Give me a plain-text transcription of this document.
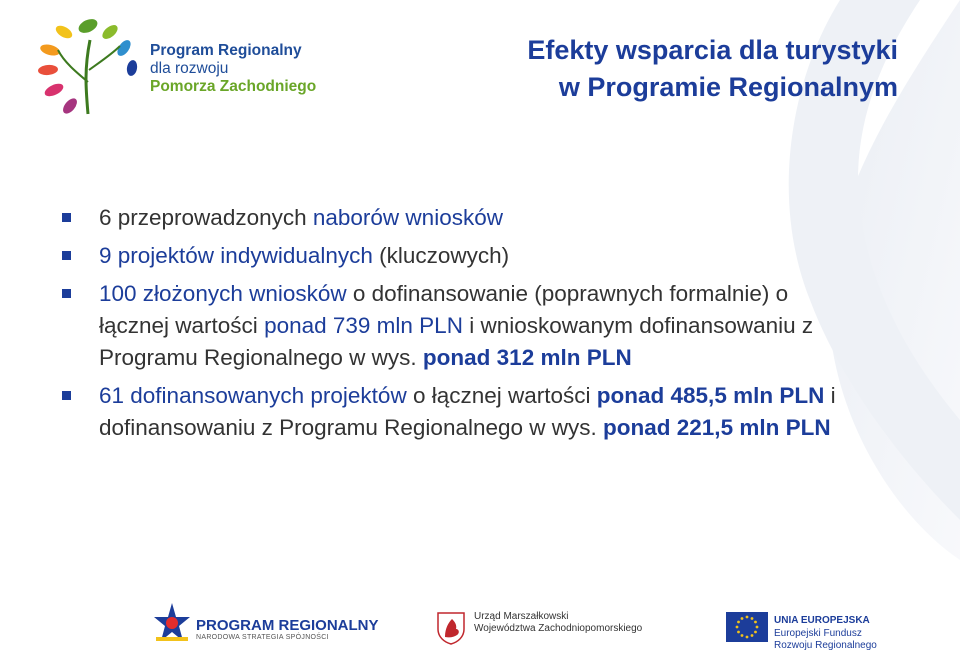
Program Regionalny
dla rozwoju
Pomorza Zachodniego
Efekty wsparcia dla turystyki
w Programie Regionalnym
6 przeprowadzonych naborów wniosków
9 projektów indywidualnych (kluczowych)
100 złożonych wniosków o dofinansowanie (poprawnych formalnie) o łącznej wartości ponad 739 mln PLN i wnioskowanym dofinansowaniu z Programu Regionalnego w wys. ponad 312 mln PLN
61 dofinansowanych projektów o łącznej wartości ponad 485,5 mln PLN i dofinansowaniu z Programu Regionalnego w wys. ponad 221,5 mln PLN
PROGRAM REGIONALNY
NARODOWA STRATEGIA SPÓJNOŚCI
Urząd Marszałkowski
Województwa Zachodniopomorskiego
UNIA EUROPEJSKA
Europejski Fundusz
Rozwoju Regionalnego
